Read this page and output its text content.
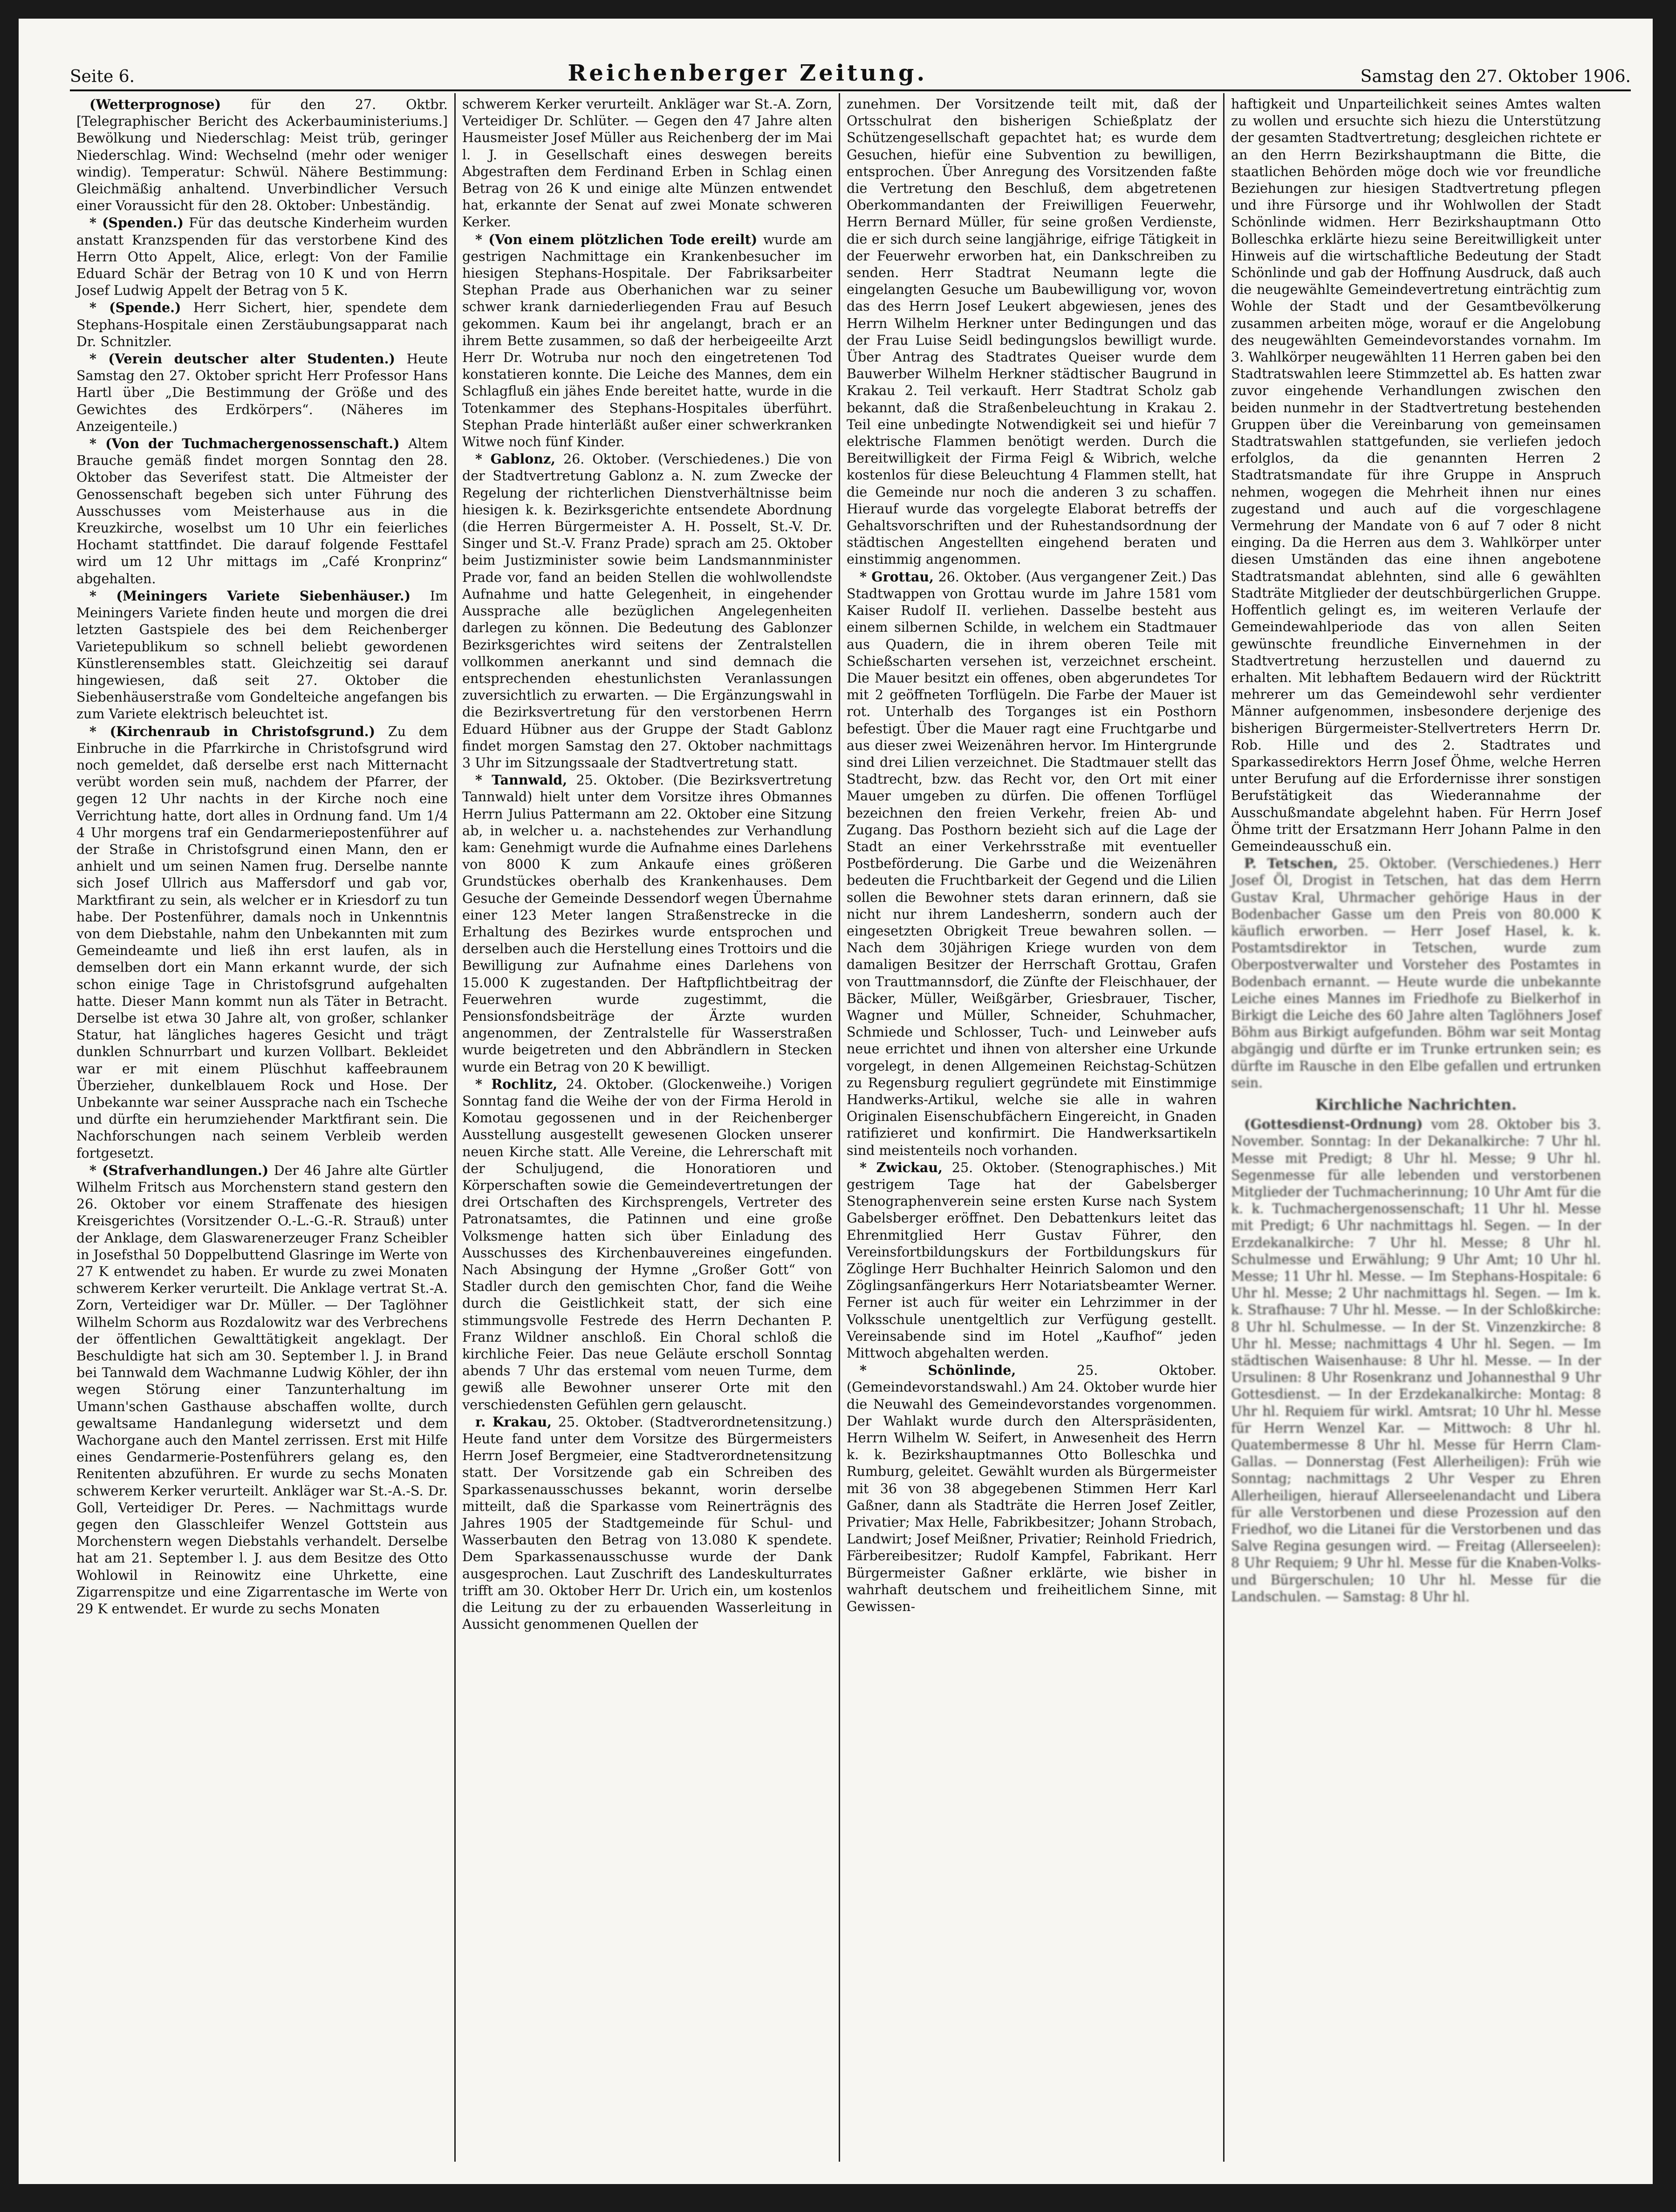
Seite 6.	Reichenberger Zeitung.	Samstag den 27. Oktober 1906.

(Wetterprognose) für den 27. Oktbr. [Telegraphischer Bericht des Ackerbauministeriums.] Bewölkung und Niederschlag: Meist trüb, geringer Niederschlag. Wind: Wechselnd (mehr oder weniger windig). Temperatur: Schwül. Nähere Bestimmung: Gleichmäßig anhaltend. Unverbindlicher Versuch einer Voraussicht für den 28. Oktober: Unbeständig.

* (Spenden.) Für das deutsche Kinderheim wurden anstatt Kranzspenden für das verstorbene Kind des Herrn Otto Appelt, Alice, erlegt: Von der Familie Eduard Schär der Betrag von 10 K und von Herrn Josef Ludwig Appelt der Betrag von 5 K.

* (Spende.) Herr Sichert, hier, spendete dem Stephans-Hospitale einen Zerstäubungsapparat nach Dr. Schnitzler.

* (Verein deutscher alter Studenten.) Heute Samstag den 27. Oktober spricht Herr Professor Hans Hartl über „Die Bestimmung der Größe und des Gewichtes des Erdkörpers“. (Näheres im Anzeigenteile.)

* (Von der Tuchmachergenossenschaft.) Altem Brauche gemäß findet morgen Sonntag den 28. Oktober das Severifest statt. Die Altmeister der Genossenschaft begeben sich unter Führung des Ausschusses vom Meisterhause aus in die Kreuzkirche, woselbst um 10 Uhr ein feierliches Hochamt stattfindet. Die darauf folgende Festtafel wird um 12 Uhr mittags im „Café Kronprinz“ abgehalten.

* (Meiningers Variete Siebenhäuser.) Im Meiningers Variete finden heute und morgen die drei letzten Gastspiele des bei dem Reichenberger Varietepublikum so schnell beliebt gewordenen Künstlerensembles statt. Gleichzeitig sei darauf hingewiesen, daß seit 27. Oktober die Siebenhäuserstraße vom Gondelteiche angefangen bis zum Variete elektrisch beleuchtet ist.

* (Kirchenraub in Christofsgrund.) Zu dem Einbruche in die Pfarrkirche in Christofsgrund wird noch gemeldet, daß derselbe erst nach Mitternacht verübt worden sein muß, nachdem der Pfarrer, der gegen 12 Uhr nachts in der Kirche noch eine Verrichtung hatte, dort alles in Ordnung fand. Um 1/4 4 Uhr morgens traf ein Gendarmeriepostenführer auf der Straße in Christofsgrund einen Mann, den er anhielt und um seinen Namen frug. Derselbe nannte sich Josef Ullrich aus Maffersdorf und gab vor, Marktfirant zu sein, als welcher er in Kriesdorf zu tun habe. Der Postenführer, damals noch in Unkenntnis von dem Diebstahle, nahm den Unbekannten mit zum Gemeindeamte und ließ ihn erst laufen, als in demselben dort ein Mann erkannt wurde, der sich schon einige Tage in Christofsgrund aufgehalten hatte. Dieser Mann kommt nun als Täter in Betracht. Derselbe ist etwa 30 Jahre alt, von großer, schlanker Statur, hat längliches hageres Gesicht und trägt dunklen Schnurrbart und kurzen Vollbart. Bekleidet war er mit einem Plüschhut kaffeebraunem Überzieher, dunkelblauem Rock und Hose. Der Unbekannte war seiner Aussprache nach ein Tscheche und dürfte ein herumziehender Marktfirant sein. Die Nachforschungen nach seinem Verbleib werden fortgesetzt.

* (Strafverhandlungen.) Der 46 Jahre alte Gürtler Wilhelm Fritsch aus Morchenstern stand gestern den 26. Oktober vor einem Straffenate des hiesigen Kreisgerichtes (Vorsitzender O.-L.-G.-R. Strauß) unter der Anklage, dem Glaswarenerzeuger Franz Scheibler in Josefsthal 50 Doppelbuttend Glasringe im Werte von 27 K entwendet zu haben. Er wurde zu zwei Monaten schwerem Kerker verurteilt. Die Anklage vertrat St.-A. Zorn, Verteidiger war Dr. Müller. — Der Taglöhner Wilhelm Schorm aus Rozdalowitz war des Verbrechens der öffentlichen Gewalttätigkeit angeklagt. Der Beschuldigte hat sich am 30. September l. J. in Brand bei Tannwald dem Wachmanne Ludwig Köhler, der ihn wegen Störung einer Tanzunterhaltung im Umann'schen Gasthause abschaffen wollte, durch gewaltsame Handanlegung widersetzt und dem Wachorgane auch den Mantel zerrissen. Erst mit Hilfe eines Gendarmerie-Postenführers gelang es, den Renitenten abzuführen. Er wurde zu sechs Monaten schwerem Kerker verurteilt. Ankläger war St.-A.-S. Dr. Goll, Verteidiger Dr. Peres. — Nachmittags wurde gegen den Glasschleifer Wenzel Gottstein aus Morchenstern wegen Diebstahls verhandelt. Derselbe hat am 21. September l. J. aus dem Besitze des Otto Wohlowil in Reinowitz eine Uhrkette, eine Zigarrenspitze und eine Zigarrentasche im Werte von 29 K entwendet. Er wurde zu sechs Monaten

schwerem Kerker verurteilt. Ankläger war St.-A. Zorn, Verteidiger Dr. Schlüter. — Gegen den 47 Jahre alten Hausmeister Josef Müller aus Reichenberg der im Mai l. J. in Gesellschaft eines deswegen bereits Abgestraften dem Ferdinand Erben in Schlag einen Betrag von 26 K und einige alte Münzen entwendet hat, erkannte der Senat auf zwei Monate schweren Kerker.

* (Von einem plötzlichen Tode ereilt) wurde am gestrigen Nachmittage ein Krankenbesucher im hiesigen Stephans-Hospitale. Der Fabriksarbeiter Stephan Prade aus Oberhanichen war zu seiner schwer krank darniederliegenden Frau auf Besuch gekommen. Kaum bei ihr angelangt, brach er an ihrem Bette zusammen, so daß der herbeigeeilte Arzt Herr Dr. Wotruba nur noch den eingetretenen Tod konstatieren konnte. Die Leiche des Mannes, dem ein Schlagfluß ein jähes Ende bereitet hatte, wurde in die Totenkammer des Stephans-Hospitales überführt. Stephan Prade hinterläßt außer einer schwerkranken Witwe noch fünf Kinder.

* Gablonz, 26. Oktober. (Verschiedenes.) Die von der Stadtvertretung Gablonz a. N. zum Zwecke der Regelung der richterlichen Dienstverhältnisse beim hiesigen k. k. Bezirksgerichte entsendete Abordnung (die Herren Bürgermeister A. H. Posselt, St.-V. Dr. Singer und St.-V. Franz Prade) sprach am 25. Oktober beim Justizminister sowie beim Landsmannminister Prade vor, fand an beiden Stellen die wohlwollendste Aufnahme und hatte Gelegenheit, in eingehender Aussprache alle bezüglichen Angelegenheiten darlegen zu können. Die Bedeutung des Gablonzer Bezirksgerichtes wird seitens der Zentralstellen vollkommen anerkannt und sind demnach die entsprechenden ehestunlichsten Veranlassungen zuversichtlich zu erwarten. — Die Ergänzungswahl in die Bezirksvertretung für den verstorbenen Herrn Eduard Hübner aus der Gruppe der Stadt Gablonz findet morgen Samstag den 27. Oktober nachmittags 3 Uhr im Sitzungssaale der Stadtvertretung statt.

* Tannwald, 25. Oktober. (Die Bezirksvertretung Tannwald) hielt unter dem Vorsitze ihres Obmannes Herrn Julius Pattermann am 22. Oktober eine Sitzung ab, in welcher u. a. nachstehendes zur Verhandlung kam: Genehmigt wurde die Aufnahme eines Darlehens von 8000 K zum Ankaufe eines größeren Grundstückes oberhalb des Krankenhauses. Dem Gesuche der Gemeinde Dessendorf wegen Übernahme einer 123 Meter langen Straßenstrecke in die Erhaltung des Bezirkes wurde entsprochen und derselben auch die Herstellung eines Trottoirs und die Bewilligung zur Aufnahme eines Darlehens von 15.000 K zugestanden. Der Haftpflichtbeitrag der Feuerwehren wurde zugestimmt, die Pensionsfondsbeiträge der Ärzte wurden angenommen, der Zentralstelle für Wasserstraßen wurde beigetreten und den Abbrändlern in Stecken wurde ein Betrag von 20 K bewilligt.

* Rochlitz, 24. Oktober. (Glockenweihe.) Vorigen Sonntag fand die Weihe der von der Firma Herold in Komotau gegossenen und in der Reichenberger Ausstellung ausgestellt gewesenen Glocken unserer neuen Kirche statt. Alle Vereine, die Lehrerschaft mit der Schuljugend, die Honoratioren und Körperschaften sowie die Gemeindevertretungen der drei Ortschaften des Kirchsprengels, Vertreter des Patronatsamtes, die Patinnen und eine große Volksmenge hatten sich über Einladung des Ausschusses des Kirchenbauvereines eingefunden. Nach Absingung der Hymne „Großer Gott“ von Stadler durch den gemischten Chor, fand die Weihe durch die Geistlichkeit statt, der sich eine stimmungsvolle Festrede des Herrn Dechanten P. Franz Wildner anschloß. Ein Choral schloß die kirchliche Feier. Das neue Geläute erscholl Sonntag abends 7 Uhr das erstemal vom neuen Turme, dem gewiß alle Bewohner unserer Orte mit den verschiedensten Gefühlen gern gelauscht.

r. Krakau, 25. Oktober. (Stadtverordnetensitzung.) Heute fand unter dem Vorsitze des Bürgermeisters Herrn Josef Bergmeier, eine Stadtverordnetensitzung statt. Der Vorsitzende gab ein Schreiben des Sparkassenausschusses bekannt, worin derselbe mitteilt, daß die Sparkasse vom Reinerträgnis des Jahres 1905 der Stadtgemeinde für Schul- und Wasserbauten den Betrag von 13.080 K spendete. Dem Sparkassenausschusse wurde der Dank ausgesprochen. Laut Zuschrift des Landeskulturrates trifft am 30. Oktober Herr Dr. Urich ein, um kostenlos die Leitung zu der zu erbauenden Wasserleitung in Aussicht genommenen Quellen der

zunehmen. Der Vorsitzende teilt mit, daß der Ortsschulrat den bisherigen Schießplatz der Schützengesellschaft gepachtet hat; es wurde dem Gesuchen, hiefür eine Subvention zu bewilligen, entsprochen. Über Anregung des Vorsitzenden faßte die Vertretung den Beschluß, dem abgetretenen Oberkommandanten der Freiwilligen Feuerwehr, Herrn Bernard Müller, für seine großen Verdienste, die er sich durch seine langjährige, eifrige Tätigkeit in der Feuerwehr erworben hat, ein Dankschreiben zu senden. Herr Stadtrat Neumann legte die eingelangten Gesuche um Baubewilligung vor, wovon das des Herrn Josef Leukert abgewiesen, jenes des Herrn Wilhelm Herkner unter Bedingungen und das der Frau Luise Seidl bedingungslos bewilligt wurde. Über Antrag des Stadtrates Queiser wurde dem Bauwerber Wilhelm Herkner städtischer Baugrund in Krakau 2. Teil verkauft. Herr Stadtrat Scholz gab bekannt, daß die Straßenbeleuchtung in Krakau 2. Teil eine unbedingte Notwendigkeit sei und hiefür 7 elektrische Flammen benötigt werden. Durch die Bereitwilligkeit der Firma Feigl & Wibrich, welche kostenlos für diese Beleuchtung 4 Flammen stellt, hat die Gemeinde nur noch die anderen 3 zu schaffen. Hierauf wurde das vorgelegte Elaborat betreffs der Gehaltsvorschriften und der Ruhestandsordnung der städtischen Angestellten eingehend beraten und einstimmig angenommen.

* Grottau, 26. Oktober. (Aus vergangener Zeit.) Das Stadtwappen von Grottau wurde im Jahre 1581 vom Kaiser Rudolf II. verliehen. Dasselbe besteht aus einem silbernen Schilde, in welchem ein Stadtmauer aus Quadern, die in ihrem oberen Teile mit Schießscharten versehen ist, verzeichnet erscheint. Die Mauer besitzt ein offenes, oben abgerundetes Tor mit 2 geöffneten Torflügeln. Die Farbe der Mauer ist rot. Unterhalb des Torganges ist ein Posthorn befestigt. Über die Mauer ragt eine Fruchtgarbe und aus dieser zwei Weizenähren hervor. Im Hintergrunde sind drei Lilien verzeichnet. Die Stadtmauer stellt das Stadtrecht, bzw. das Recht vor, den Ort mit einer Mauer umgeben zu dürfen. Die offenen Torflügel bezeichnen den freien Verkehr, freien Ab- und Zugang. Das Posthorn bezieht sich auf die Lage der Stadt an einer Verkehrsstraße mit eventueller Postbeförderung. Die Garbe und die Weizenähren bedeuten die Fruchtbarkeit der Gegend und die Lilien sollen die Bewohner stets daran erinnern, daß sie nicht nur ihrem Landesherrn, sondern auch der eingesetzten Obrigkeit Treue bewahren sollen. — Nach dem 30jährigen Kriege wurden von dem damaligen Besitzer der Herrschaft Grottau, Grafen von Trauttmannsdorf, die Zünfte der Fleischhauer, der Bäcker, Müller, Weißgärber, Griesbrauer, Tischer, Wagner und Müller, Schneider, Schuhmacher, Schmiede und Schlosser, Tuch- und Leinweber aufs neue errichtet und ihnen von altersher eine Urkunde vorgelegt, in denen Allgemeinen Reichstag-Schützen zu Regensburg reguliert gegründete mit Einstimmige Handwerks-Artikul, welche sie alle in wahren Originalen Eisenschubfächern Eingereicht, in Gnaden ratifizieret und konfirmirt. Die Handwerksartikeln sind meistenteils noch vorhanden.

* Zwickau, 25. Oktober. (Stenographisches.) Mit gestrigem Tage hat der Gabelsberger Stenographenverein seine ersten Kurse nach System Gabelsberger eröffnet. Den Debattenkurs leitet das Ehrenmitglied Herr Gustav Führer, den Vereinsfortbildungskurs der Fortbildungskurs für Zöglinge Herr Buchhalter Heinrich Salomon und den Zöglingsanfängerkurs Herr Notariatsbeamter Werner. Ferner ist auch für weiter ein Lehrzimmer in der Volksschule unentgeltlich zur Verfügung gestellt. Vereinsabende sind im Hotel „Kaufhof“ jeden Mittwoch abgehalten werden.

* Schönlinde, 25. Oktober. (Gemeindevorstandswahl.) Am 24. Oktober wurde hier die Neuwahl des Gemeindevorstandes vorgenommen. Der Wahlakt wurde durch den Alterspräsidenten, Herrn Wilhelm W. Seifert, in Anwesenheit des Herrn k. k. Bezirkshauptmannes Otto Bolleschka und Rumburg, geleitet. Gewählt wurden als Bürgermeister mit 36 von 38 abgegebenen Stimmen Herr Karl Gaßner, dann als Stadträte die Herren Josef Zeitler, Privatier; Max Helle, Fabrikbesitzer; Johann Strobach, Landwirt; Josef Meißner, Privatier; Reinhold Friedrich, Färbereibesitzer; Rudolf Kampfel, Fabrikant. Herr Bürgermeister Gaßner erklärte, wie bisher in wahrhaft deutschem und freiheitlichem Sinne, mit Gewissen-

haftigkeit und Unparteilichkeit seines Amtes walten zu wollen und ersuchte sich hiezu die Unterstützung der gesamten Stadtvertretung; desgleichen richtete er an den Herrn Bezirkshauptmann die Bitte, die staatlichen Behörden möge doch wie vor freundliche Beziehungen zur hiesigen Stadtvertretung pflegen und ihre Fürsorge und ihr Wohlwollen der Stadt Schönlinde widmen. Herr Bezirkshauptmann Otto Bolleschka erklärte hiezu seine Bereitwilligkeit unter Hinweis auf die wirtschaftliche Bedeutung der Stadt Schönlinde und gab der Hoffnung Ausdruck, daß auch die neugewählte Gemeindevertretung einträchtig zum Wohle der Stadt und der Gesamtbevölkerung zusammen arbeiten möge, worauf er die Angelobung des neugewählten Gemeindevorstandes vornahm. Im 3. Wahlkörper neugewählten 11 Herren gaben bei den Stadtratswahlen leere Stimmzettel ab. Es hatten zwar zuvor eingehende Verhandlungen zwischen den beiden nunmehr in der Stadtvertretung bestehenden Gruppen über die Vereinbarung von gemeinsamen Stadtratswahlen stattgefunden, sie verliefen jedoch erfolglos, da die genannten Herren 2 Stadtratsmandate für ihre Gruppe in Anspruch nehmen, wogegen die Mehrheit ihnen nur eines zugestand und auch auf die vorgeschlagene Vermehrung der Mandate von 6 auf 7 oder 8 nicht einging. Da die Herren aus dem 3. Wahlkörper unter diesen Umständen das eine ihnen angebotene Stadtratsmandat ablehnten, sind alle 6 gewählten Stadträte Mitglieder der deutschbürgerlichen Gruppe. Hoffentlich gelingt es, im weiteren Verlaufe der Gemeindewahlperiode das von allen Seiten gewünschte freundliche Einvernehmen in der Stadtvertretung herzustellen und dauernd zu erhalten. Mit lebhaftem Bedauern wird der Rücktritt mehrerer um das Gemeindewohl sehr verdienter Männer aufgenommen, insbesondere derjenige des bisherigen Bürgermeister-Stellvertreters Herrn Dr. Rob. Hille und des 2. Stadtrates und Sparkassedirektors Herrn Josef Öhme, welche Herren unter Berufung auf die Erfordernisse ihrer sonstigen Berufstätigkeit das Wiederannahme der Ausschußmandate abgelehnt haben. Für Herrn Josef Öhme tritt der Ersatzmann Herr Johann Palme in den Gemeindeausschuß ein.

P. Tetschen, 25. Oktober. (Verschiedenes.) Herr Josef Öl, Drogist in Tetschen, hat das dem Herrn Gustav Kral, Uhrmacher gehörige Haus in der Bodenbacher Gasse um den Preis von 80.000 K käuflich erworben. — Herr Josef Hasel, k. k. Postamtsdirektor in Tetschen, wurde zum Oberpostverwalter und Vorsteher des Postamtes in Bodenbach ernannt. — Heute wurde die unbekannte Leiche eines Mannes im Friedhofe zu Bielkerhof in Birkigt die Leiche des 60 Jahre alten Taglöhners Josef Böhm aus Birkigt aufgefunden. Böhm war seit Montag abgängig und dürfte er im Trunke ertrunken sein; es dürfte im Rausche in den Elbe gefallen und ertrunken sein.

Kirchliche Nachrichten.

(Gottesdienst-Ordnung) vom 28. Oktober bis 3. November. Sonntag: In der Dekanalkirche: 7 Uhr hl. Messe mit Predigt; 8 Uhr hl. Messe; 9 Uhr hl. Segenmesse für alle lebenden und verstorbenen Mitglieder der Tuchmacherinnung; 10 Uhr Amt für die k. k. Tuchmachergenossenschaft; 11 Uhr hl. Messe mit Predigt; 6 Uhr nachmittags hl. Segen. — In der Erzdekanalkirche: 7 Uhr hl. Messe; 8 Uhr hl. Schulmesse und Erwählung; 9 Uhr Amt; 10 Uhr hl. Messe; 11 Uhr hl. Messe. — Im Stephans-Hospitale: 6 Uhr hl. Messe; 2 Uhr nachmittags hl. Segen. — Im k. k. Strafhause: 7 Uhr hl. Messe. — In der Schloßkirche: 8 Uhr hl. Schulmesse. — In der St. Vinzenzkirche: 8 Uhr hl. Messe; nachmittags 4 Uhr hl. Segen. — Im städtischen Waisenhause: 8 Uhr hl. Messe. — In der Ursulinen: 8 Uhr Rosenkranz und Johannesthal 9 Uhr Gottesdienst. — In der Erzdekanalkirche: Montag: 8 Uhr hl. Requiem für wirkl. Amtsrat; 10 Uhr hl. Messe für Herrn Wenzel Kar. — Mittwoch: 8 Uhr hl. Quatembermesse 8 Uhr hl. Messe für Herrn Clam-Gallas. — Donnerstag (Fest Allerheiligen): Früh wie Sonntag; nachmittags 2 Uhr Vesper zu Ehren Allerheiligen, hierauf Allerseelenandacht und Libera für alle Verstorbenen und diese Prozession auf den Friedhof, wo die Litanei für die Verstorbenen und das Salve Regina gesungen wird. — Freitag (Allerseelen): 8 Uhr Requiem; 9 Uhr hl. Messe für die Knaben-Volks- und Bürgerschulen; 10 Uhr hl. Messe für die Landschulen. — Samstag: 8 Uhr hl.
